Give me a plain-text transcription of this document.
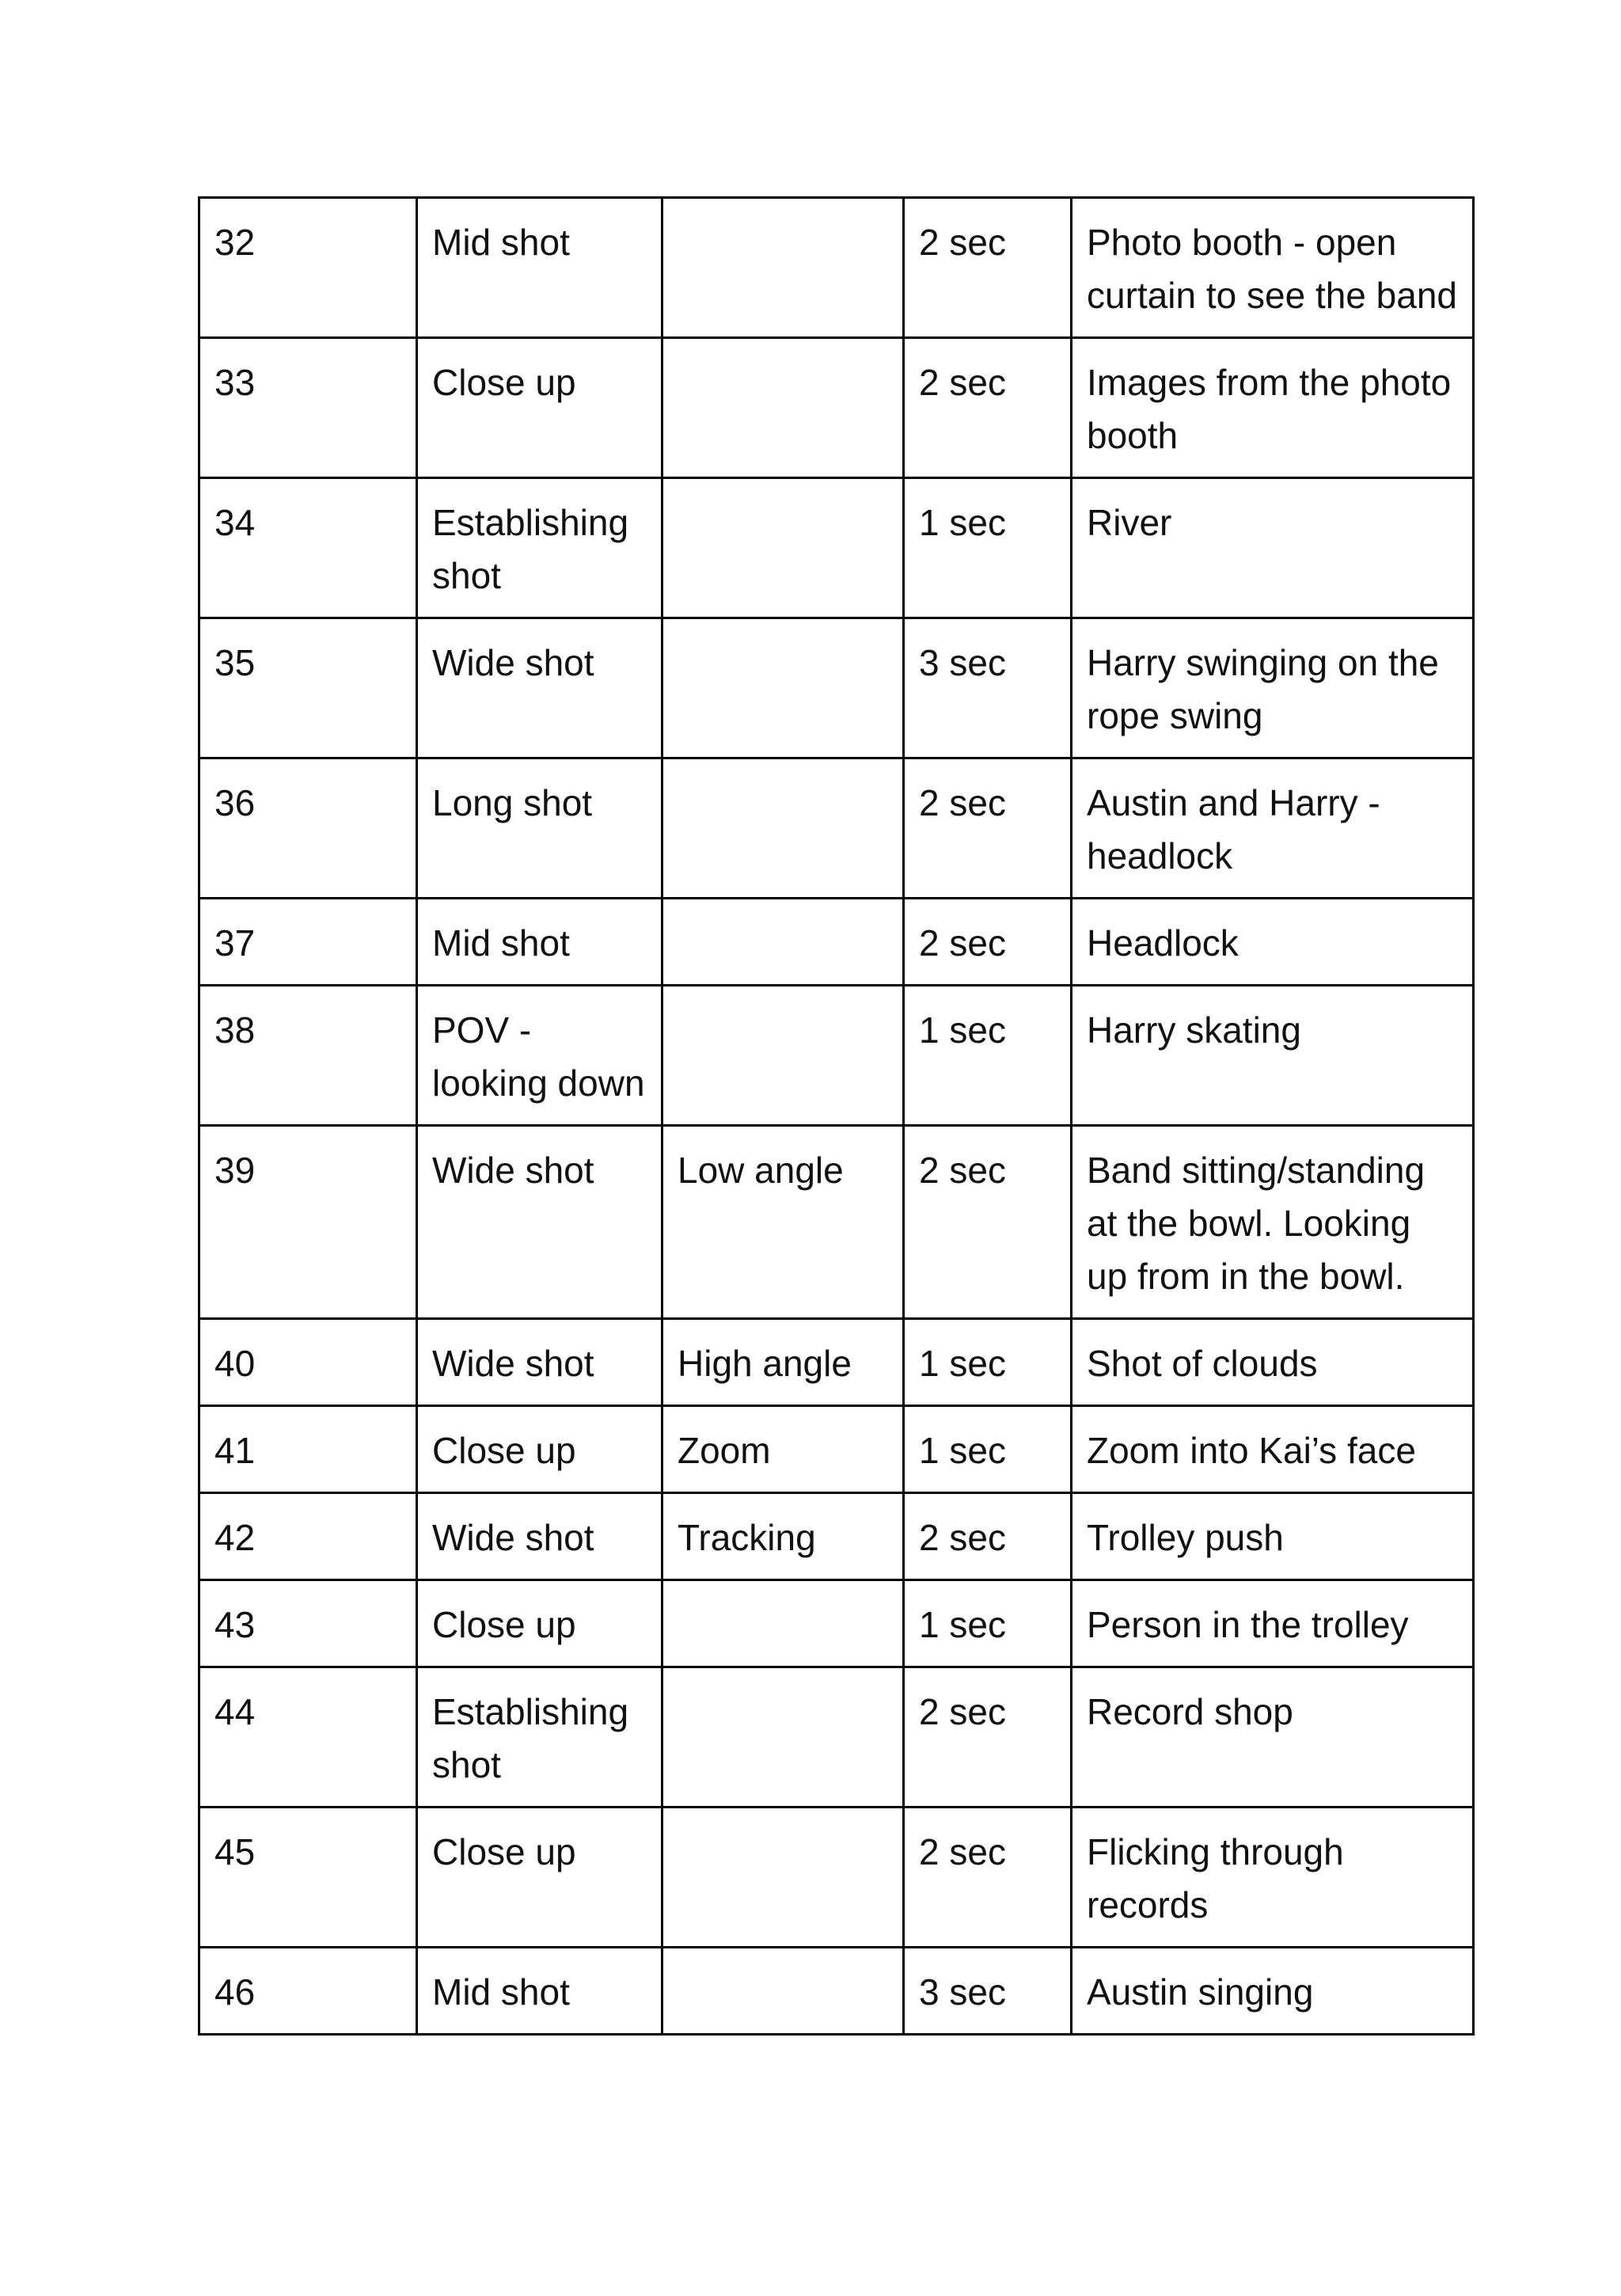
32	Mid shot		2 sec	Photo booth - open curtain to see the band
33	Close up		2 sec	Images from the photo booth
34	Establishing shot		1 sec	River
35	Wide shot		3 sec	Harry swinging on the rope swing
36	Long shot		2 sec	Austin and Harry - headlock
37	Mid shot		2 sec	Headlock
38	POV - looking down		1 sec	Harry skating
39	Wide shot	Low angle	2 sec	Band sitting/standing at the bowl. Looking up from in the bowl.
40	Wide shot	High angle	1 sec	Shot of clouds
41	Close up	Zoom	1 sec	Zoom into Kai’s face
42	Wide shot	Tracking	2 sec	Trolley push
43	Close up		1 sec	Person in the trolley
44	Establishing shot		2 sec	Record shop
45	Close up		2 sec	Flicking through records
46	Mid shot		3 sec	Austin singing
